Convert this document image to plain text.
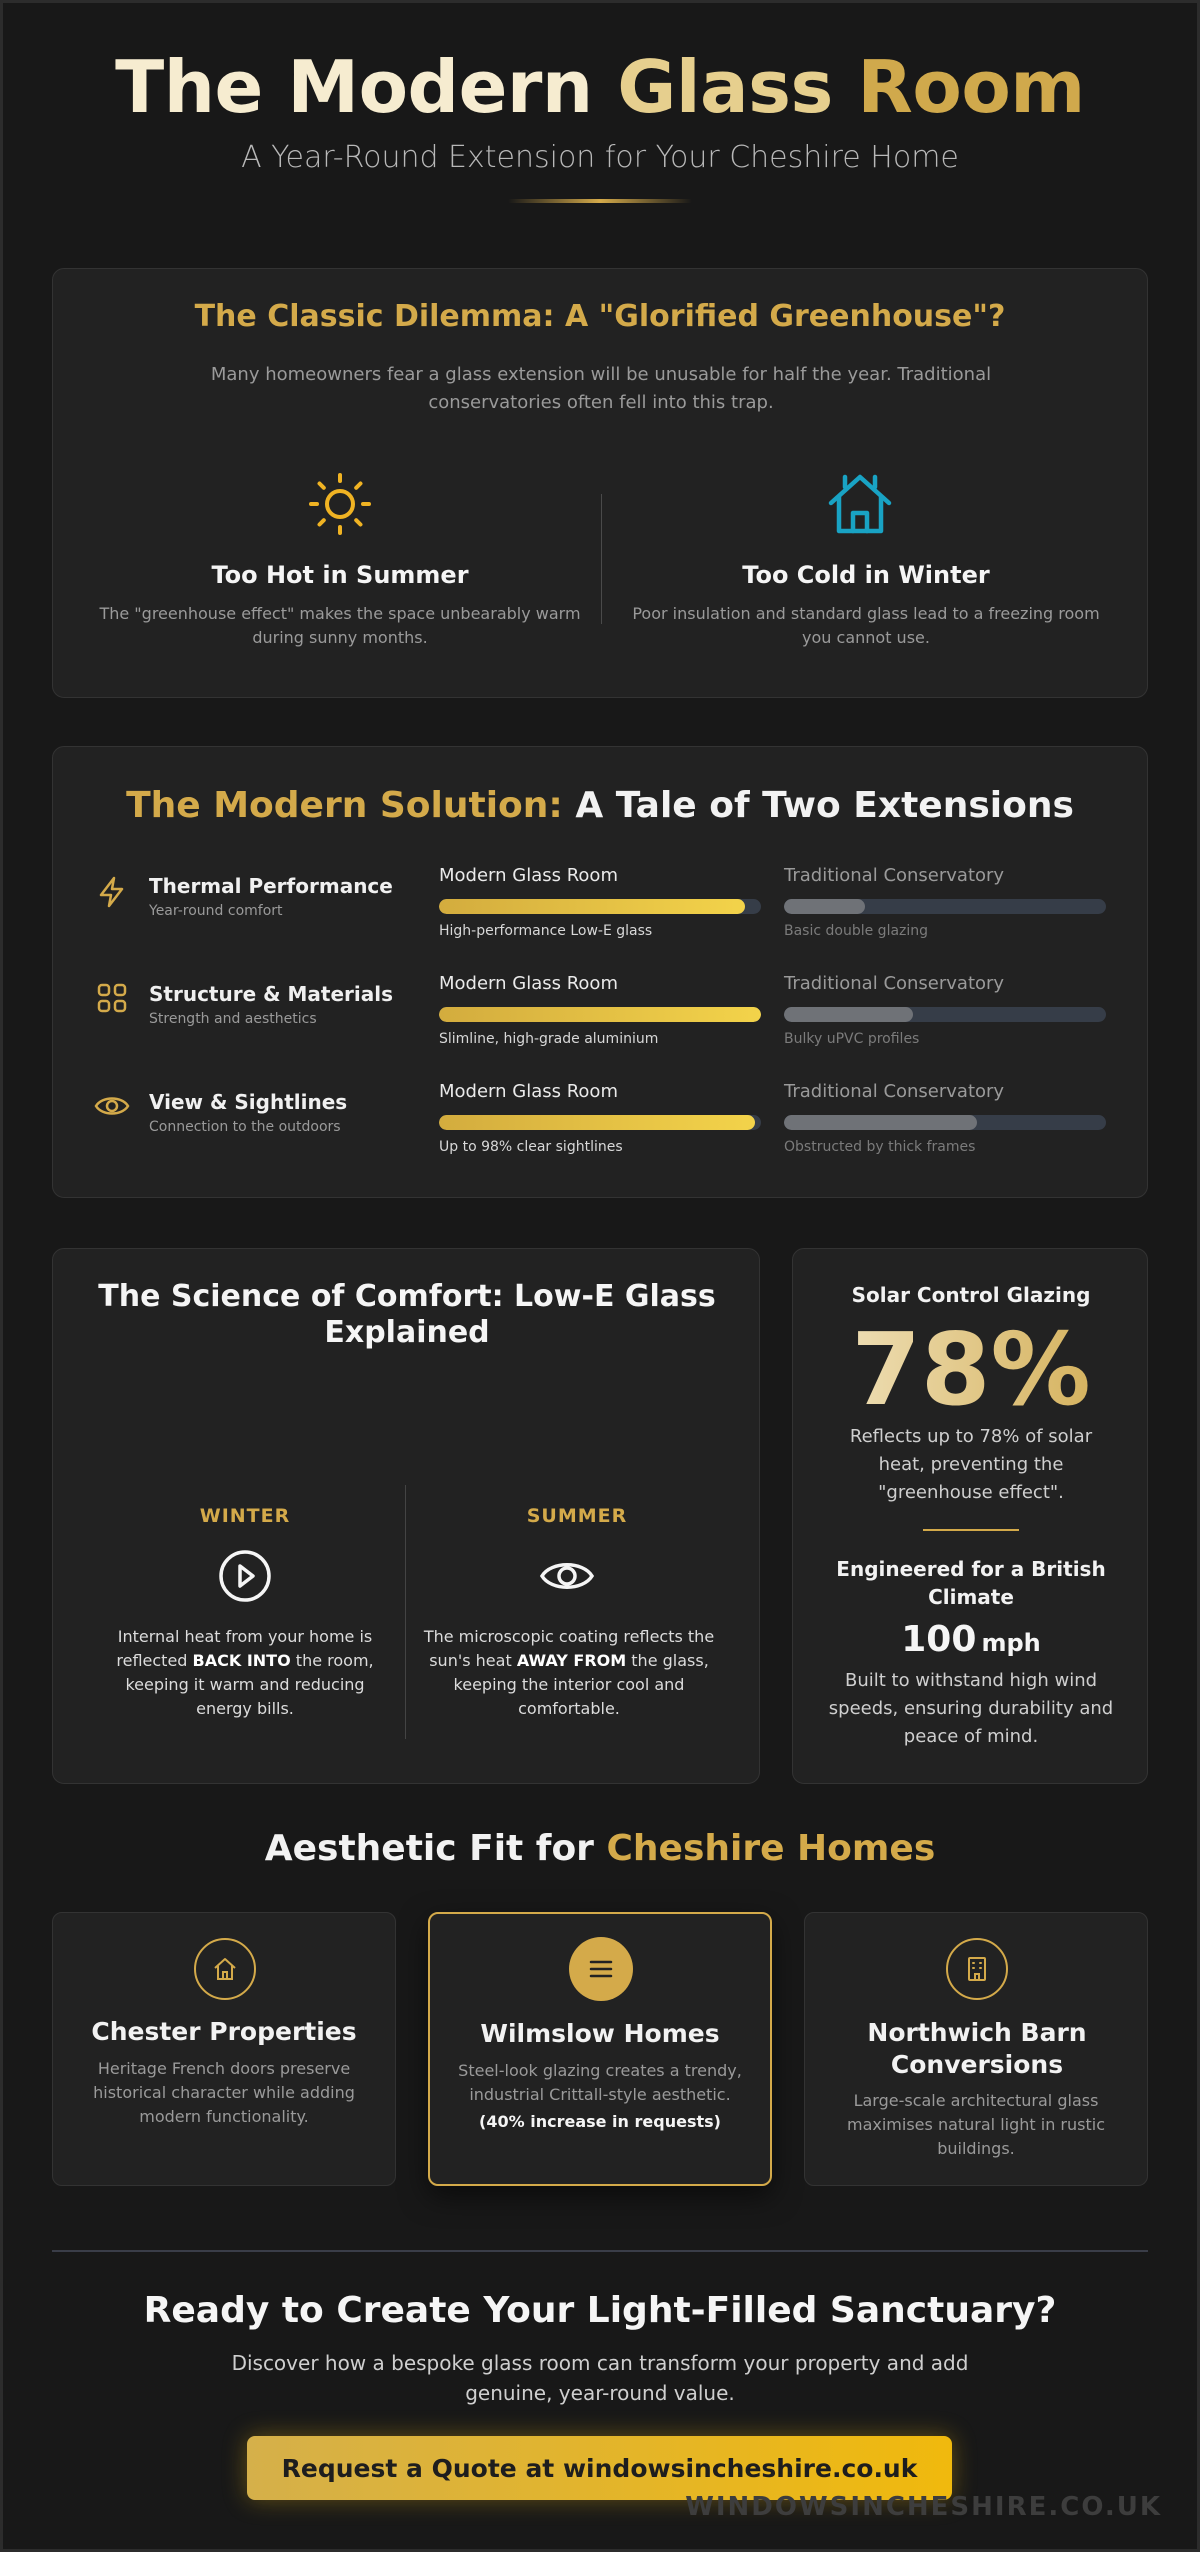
The Modern Glass Room
A Year-Round Extension for Your Cheshire Home
The Classic Dilemma: A "Glorified Greenhouse"?
Many homeowners fear a glass extension will be unusable for half the year. Traditional conservatories often fell into this trap.
Too Hot in Summer
The "greenhouse effect" makes the space unbearably warm during sunny months.
Too Cold in Winter
Poor insulation and standard glass lead to a freezing room you cannot use.
The Modern Solution: A Tale of Two Extensions
Thermal Performance
Year-round comfort
Modern Glass Room
High-performance Low-E glass
Traditional Conservatory
Basic double glazing
Structure & Materials
Strength and aesthetics
Modern Glass Room
Slimline, high-grade aluminium
Traditional Conservatory
Bulky uPVC profiles
View & Sightlines
Connection to the outdoors
Modern Glass Room
Up to 98% clear sightlines
Traditional Conservatory
Obstructed by thick frames
The Science of Comfort: Low-E Glass Explained
WINTER
Internal heat from your home is reflected BACK INTO the room, keeping it warm and reducing energy bills.
SUMMER
The microscopic coating reflects the sun's heat AWAY FROM the glass, keeping the interior cool and comfortable.
Solar Control Glazing
78%
Reflects up to 78% of solar heat, preventing the "greenhouse effect".
Engineered for a British Climate
100 mph
Built to withstand high wind speeds, ensuring durability and peace of mind.
Aesthetic Fit for Cheshire Homes
Chester Properties
Heritage French doors preserve historical character while adding modern functionality.
Wilmslow Homes
Steel-look glazing creates a trendy, industrial Crittall-style aesthetic.
(40% increase in requests)
Northwich Barn Conversions
Large-scale architectural glass maximises natural light in rustic buildings.
Ready to Create Your Light-Filled Sanctuary?
Discover how a bespoke glass room can transform your property and add genuine, year-round value.
Request a Quote at windowsincheshire.co.uk
WINDOWSINCHESHIRE.CO.UK
